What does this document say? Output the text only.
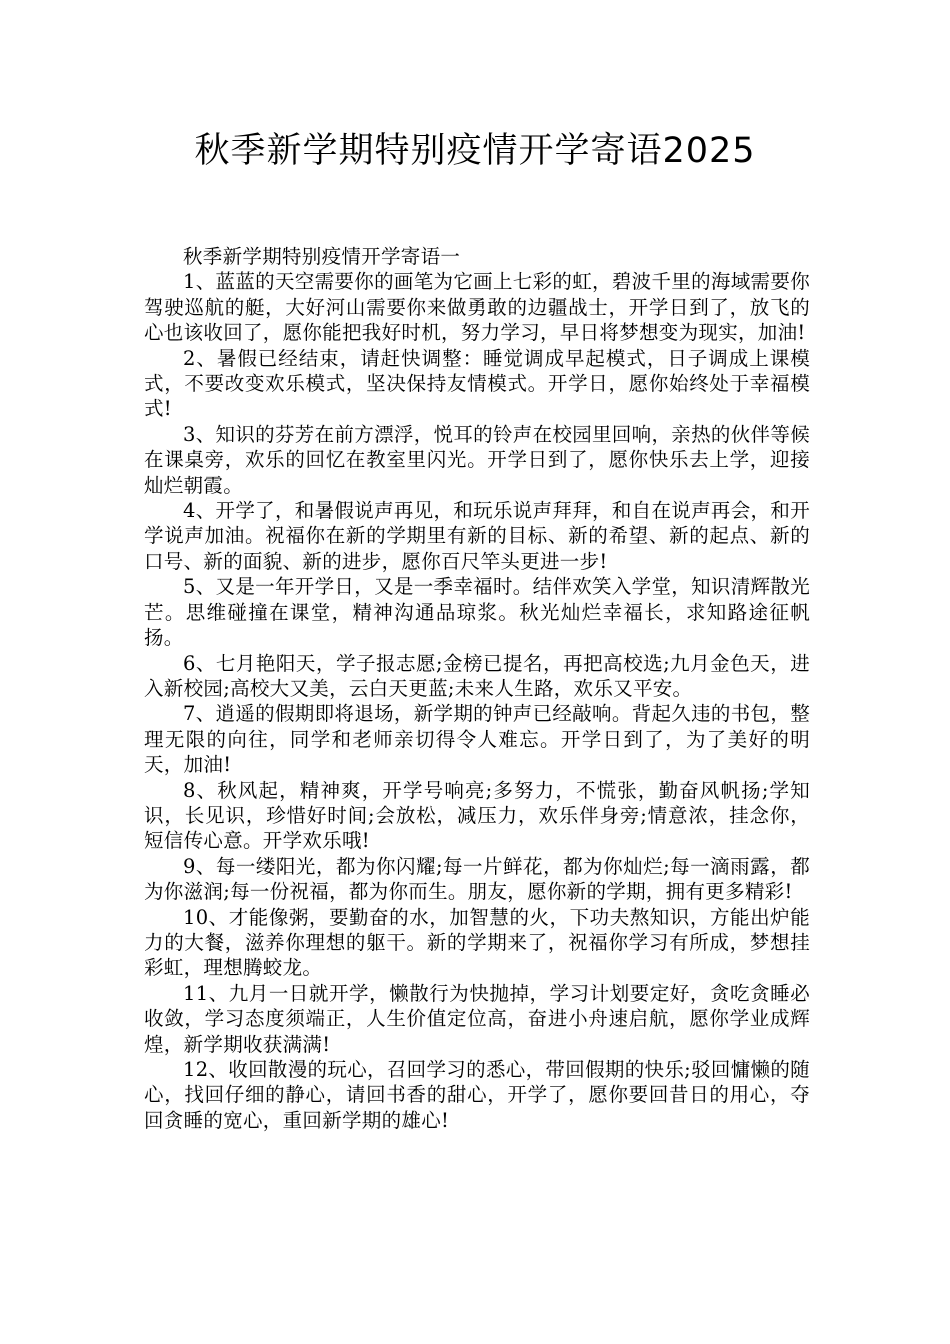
秋季新学期特别疫情开学寄语2025

秋季新学期特别疫情开学寄语一

1、蓝蓝的天空需要你的画笔为它画上七彩的虹，碧波千里的海域需要你驾驶巡航的艇，大好河山需要你来做勇敢的边疆战士，开学日到了，放飞的心也该收回了，愿你能把我好时机，努力学习，早日将梦想变为现实，加油!

2、暑假已经结束，请赶快调整：睡觉调成早起模式，日子调成上课模式，不要改变欢乐模式，坚决保持友情模式。开学日，愿你始终处于幸福模式!

3、知识的芬芳在前方漂浮，悦耳的铃声在校园里回响，亲热的伙伴等候在课桌旁，欢乐的回忆在教室里闪光。开学日到了，愿你快乐去上学，迎接灿烂朝霞。

4、开学了，和暑假说声再见，和玩乐说声拜拜，和自在说声再会，和开学说声加油。祝福你在新的学期里有新的目标、新的希望、新的起点、新的口号、新的面貌、新的进步，愿你百尺竿头更进一步!

5、又是一年开学日，又是一季幸福时。结伴欢笑入学堂，知识清辉散光芒。思维碰撞在课堂，精神沟通品琼浆。秋光灿烂幸福长，求知路途征帆扬。

6、七月艳阳天，学子报志愿;金榜已提名，再把高校选;九月金色天，进入新校园;高校大又美，云白天更蓝;未来人生路，欢乐又平安。

7、逍遥的假期即将退场，新学期的钟声已经敲响。背起久违的书包，整理无限的向往，同学和老师亲切得令人难忘。开学日到了，为了美好的明天，加油!

8、秋风起，精神爽，开学号响亮;多努力，不慌张，勤奋风帆扬;学知识，长见识，珍惜好时间;会放松，减压力，欢乐伴身旁;情意浓，挂念你，短信传心意。开学欢乐哦!

9、每一缕阳光，都为你闪耀;每一片鲜花，都为你灿烂;每一滴雨露，都为你滋润;每一份祝福，都为你而生。朋友，愿你新的学期，拥有更多精彩!

10、才能像粥，要勤奋的水，加智慧的火，下功夫熬知识，方能出炉能力的大餐，滋养你理想的躯干。新的学期来了，祝福你学习有所成，梦想挂彩虹，理想腾蛟龙。

11、九月一日就开学，懒散行为快抛掉，学习计划要定好，贪吃贪睡必收敛，学习态度须端正，人生价值定位高，奋进小舟速启航，愿你学业成辉煌，新学期收获满满!

12、收回散漫的玩心，召回学习的悉心，带回假期的快乐;驳回慵懒的随心，找回仔细的静心，请回书香的甜心，开学了，愿你要回昔日的用心，夺回贪睡的宽心，重回新学期的雄心!
